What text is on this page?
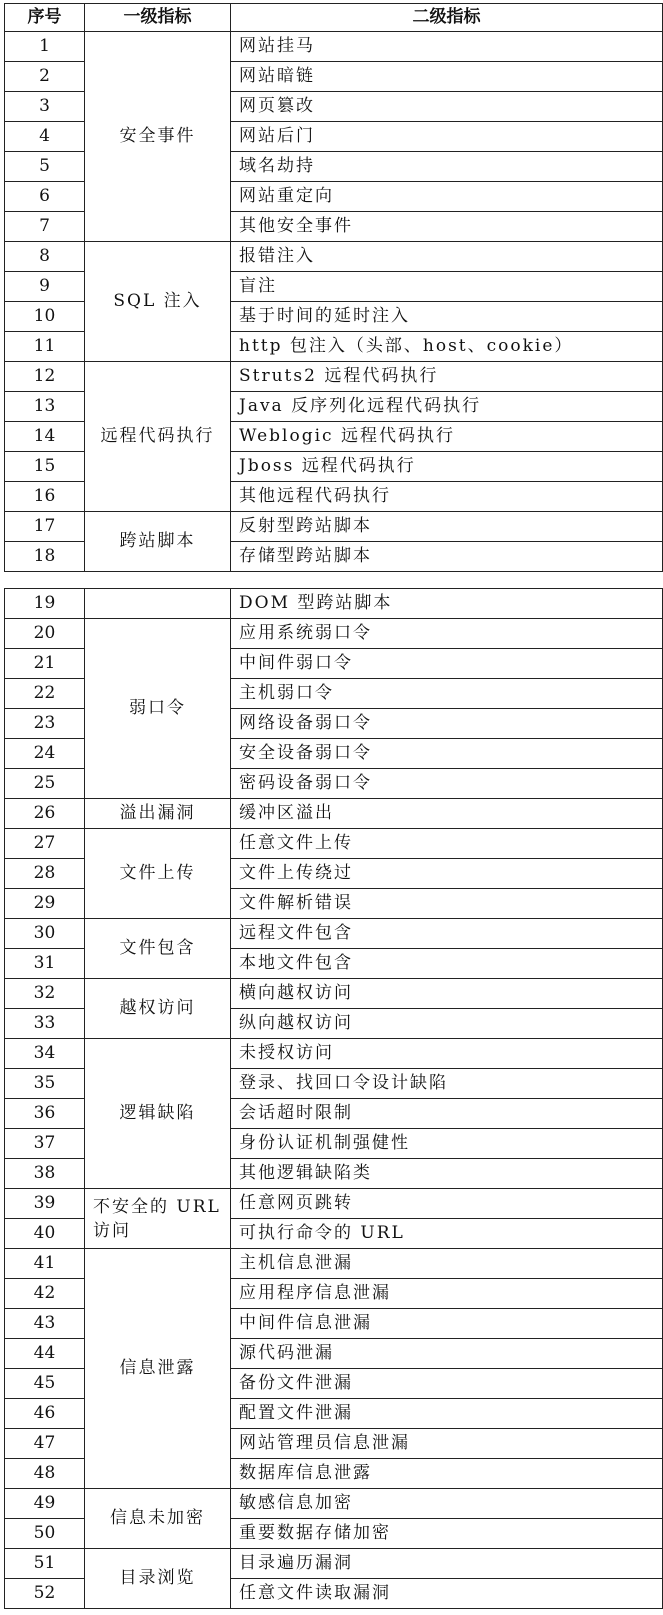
序号	一级指标	二级指标
1	安全事件	网站挂马
2		网站暗链
3		网页篡改
4		网站后门
5		域名劫持
6		网站重定向
7		其他安全事件
8	SQL 注入	报错注入
9		盲注
10		基于时间的延时注入
11		http 包注入（头部、host、cookie）
12	远程代码执行	Struts2 远程代码执行
13		Java 反序列化远程代码执行
14		Weblogic 远程代码执行
15		Jboss 远程代码执行
16		其他远程代码执行
17	跨站脚本	反射型跨站脚本
18		存储型跨站脚本
19		DOM 型跨站脚本
20	弱口令	应用系统弱口令
21		中间件弱口令
22		主机弱口令
23		网络设备弱口令
24		安全设备弱口令
25		密码设备弱口令
26	溢出漏洞	缓冲区溢出
27	文件上传	任意文件上传
28		文件上传绕过
29		文件解析错误
30	文件包含	远程文件包含
31		本地文件包含
32	越权访问	横向越权访问
33		纵向越权访问
34	逻辑缺陷	未授权访问
35		登录、找回口令设计缺陷
36		会话超时限制
37		身份认证机制强健性
38		其他逻辑缺陷类
39	不安全的 URL 访问	任意网页跳转
40		可执行命令的 URL
41	信息泄露	主机信息泄漏
42		应用程序信息泄漏
43		中间件信息泄漏
44		源代码泄漏
45		备份文件泄漏
46		配置文件泄漏
47		网站管理员信息泄漏
48		数据库信息泄露
49	信息未加密	敏感信息加密
50		重要数据存储加密
51	目录浏览	目录遍历漏洞
52		任意文件读取漏洞
